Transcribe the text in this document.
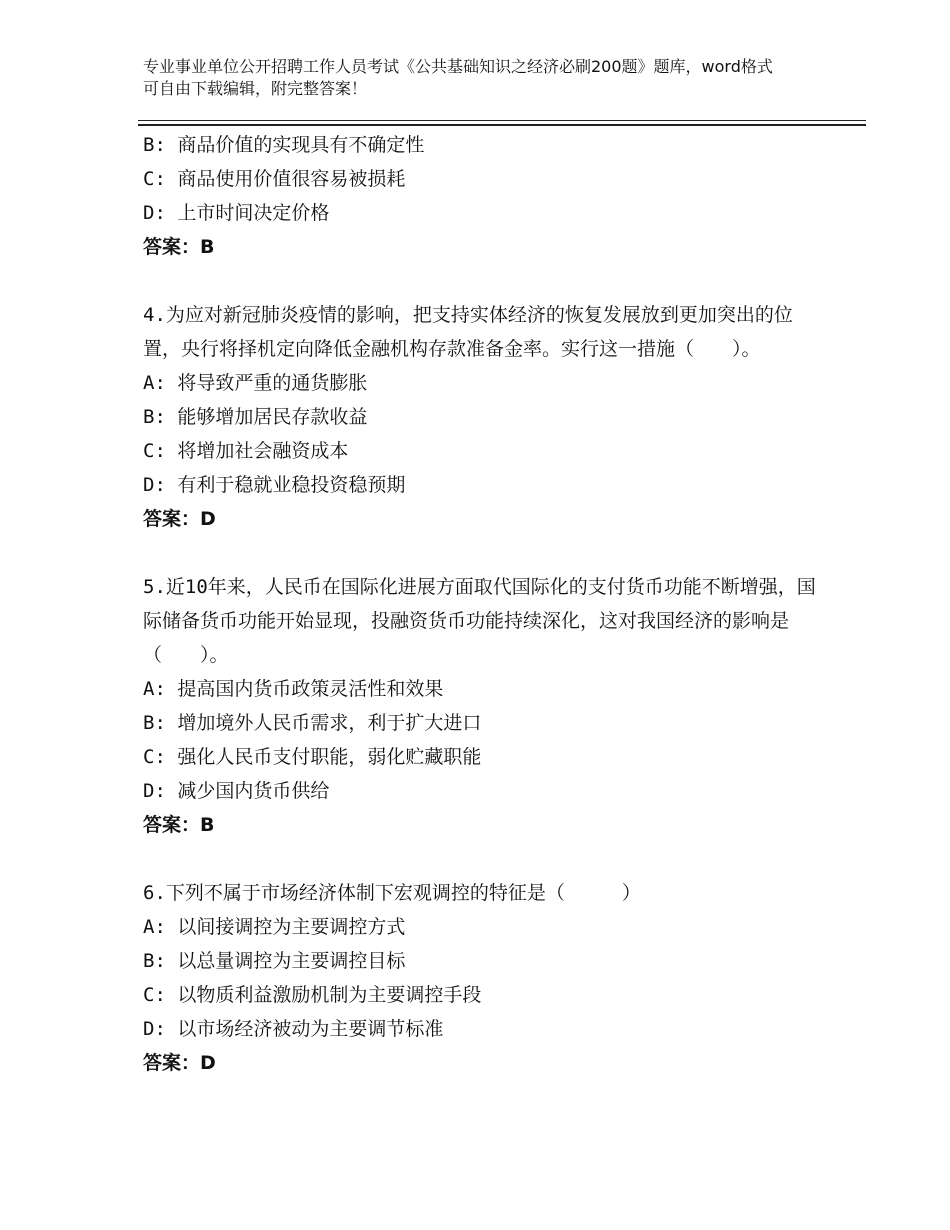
专业事业单位公开招聘工作人员考试《公共基础知识之经济必刷200题》题库，word格式可自由下载编辑，附完整答案！

B: 商品价值的实现具有不确定性

C: 商品使用价值很容易被损耗

D: 上市时间决定价格

答案：B

4.为应对新冠肺炎疫情的影响，把支持实体经济的恢复发展放到更加突出的位置，央行将择机定向降低金融机构存款准备金率。实行这一措施（　　）。

A: 将导致严重的通货膨胀

B: 能够增加居民存款收益

C: 将增加社会融资成本

D: 有利于稳就业稳投资稳预期

答案：D

5.近10年来，人民币在国际化进展方面取代国际化的支付货币功能不断增强，国际储备货币功能开始显现，投融资货币功能持续深化，这对我国经济的影响是（　　）。

A: 提高国内货币政策灵活性和效果

B: 增加境外人民币需求，利于扩大进口

C: 强化人民币支付职能，弱化贮藏职能

D: 减少国内货币供给

答案：B

6.下列不属于市场经济体制下宏观调控的特征是（　　　）

A: 以间接调控为主要调控方式

B: 以总量调控为主要调控目标

C: 以物质利益激励机制为主要调控手段

D: 以市场经济被动为主要调节标准

答案：D
